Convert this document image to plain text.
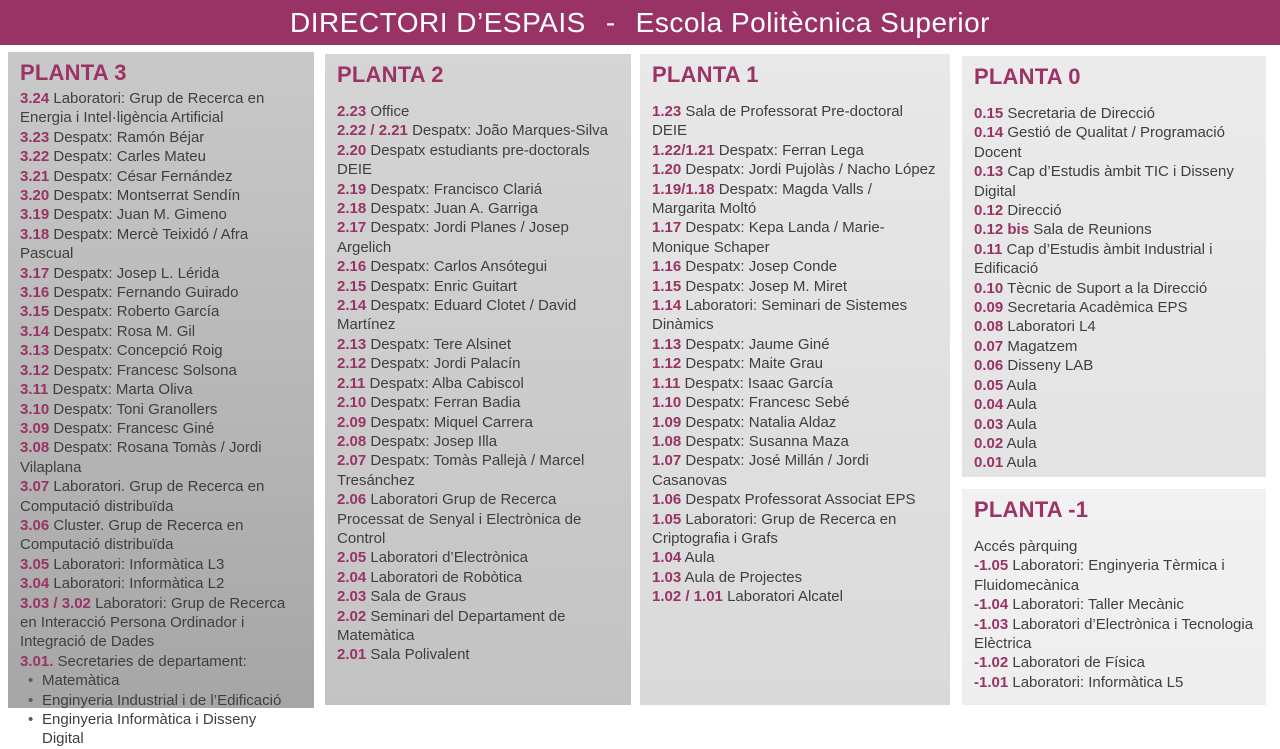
DIRECTORI D’ESPAIS - Escola Politècnica Superior
PLANTA 3
3.24 Laboratori: Grup de Recerca en Energia i Intel·ligència Artificial
3.23 Despatx: Ramón Béjar
3.22 Despatx: Carles Mateu
3.21 Despatx: César Fernández
3.20 Despatx: Montserrat Sendín
3.19 Despatx: Juan M. Gimeno
3.18 Despatx: Mercè Teixidó / Afra Pascual
3.17 Despatx: Josep L. Lérida
3.16 Despatx: Fernando Guirado
3.15 Despatx: Roberto García
3.14 Despatx: Rosa M. Gil
3.13 Despatx: Concepció Roig
3.12 Despatx: Francesc Solsona
3.11 Despatx: Marta Oliva
3.10 Despatx: Toni Granollers
3.09 Despatx: Francesc Giné
3.08 Despatx: Rosana Tomàs / Jordi Vilaplana
3.07 Laboratori. Grup de Recerca en Computació distribuïda
3.06 Cluster. Grup de Recerca en Computació distribuïda
3.05 Laboratori: Informàtica L3
3.04 Laboratori: Informàtica L2
3.03 / 3.02 Laboratori: Grup de Recerca en Interacció Persona Ordinador i Integració de Dades
3.01. Secretaries de departament:
• Matemàtica
• Enginyeria Industrial i de l’Edificació
• Enginyeria Informàtica i Disseny Digital
PLANTA 2
2.23 Office
2.22 / 2.21 Despatx: João Marques-Silva
2.20 Despatx estudiants pre-doctorals DEIE
2.19 Despatx: Francisco Clariá
2.18 Despatx: Juan A. Garriga
2.17 Despatx: Jordi Planes / Josep Argelich
2.16 Despatx: Carlos Ansótegui
2.15 Despatx: Enric Guitart
2.14 Despatx: Eduard Clotet / David Martínez
2.13 Despatx: Tere Alsinet
2.12 Despatx: Jordi Palacín
2.11 Despatx: Alba Cabiscol
2.10 Despatx: Ferran Badia
2.09 Despatx: Miquel Carrera
2.08 Despatx: Josep Illa
2.07 Despatx: Tomàs Pallejà / Marcel Tresánchez
2.06 Laboratori Grup de Recerca Processat de Senyal i Electrònica de Control
2.05 Laboratori d’Electrònica
2.04 Laboratori de Robòtica
2.03 Sala de Graus
2.02 Seminari del Departament de Matemàtica
2.01 Sala Polivalent
PLANTA 1
1.23 Sala de Professorat Pre-doctoral DEIE
1.22/1.21 Despatx: Ferran Lega
1.20 Despatx: Jordi Pujolàs / Nacho López
1.19/1.18 Despatx: Magda Valls / Margarita Moltó
1.17 Despatx: Kepa Landa / Marie-Monique Schaper
1.16 Despatx: Josep Conde
1.15 Despatx: Josep M. Miret
1.14 Laboratori: Seminari de Sistemes Dinàmics
1.13 Despatx: Jaume Giné
1.12 Despatx: Maite Grau
1.11 Despatx: Isaac García
1.10 Despatx: Francesc Sebé
1.09 Despatx: Natalia Aldaz
1.08 Despatx: Susanna Maza
1.07 Despatx: José Millán / Jordi Casanovas
1.06 Despatx Professorat Associat EPS
1.05 Laboratori: Grup de Recerca en Criptografia i Grafs
1.04 Aula
1.03 Aula de Projectes
1.02 / 1.01 Laboratori Alcatel
PLANTA 0
0.15 Secretaria de Direcció
0.14 Gestió de Qualitat / Programació Docent
0.13 Cap d’Estudis àmbit TIC i Disseny Digital
0.12 Direcció
0.12 bis Sala de Reunions
0.11 Cap d’Estudis àmbit Industrial i Edificació
0.10 Tècnic de Suport a la Direcció
0.09 Secretaria Acadèmica EPS
0.08 Laboratori L4
0.07 Magatzem
0.06 Disseny LAB
0.05 Aula
0.04 Aula
0.03 Aula
0.02 Aula
0.01 Aula
PLANTA -1
Accés pàrquing
-1.05 Laboratori: Enginyeria Tèrmica i Fluidomecànica
-1.04 Laboratori: Taller Mecànic
-1.03 Laboratori d’Electrònica i Tecnologia Elèctrica
-1.02 Laboratori de Física
-1.01 Laboratori: Informàtica L5
